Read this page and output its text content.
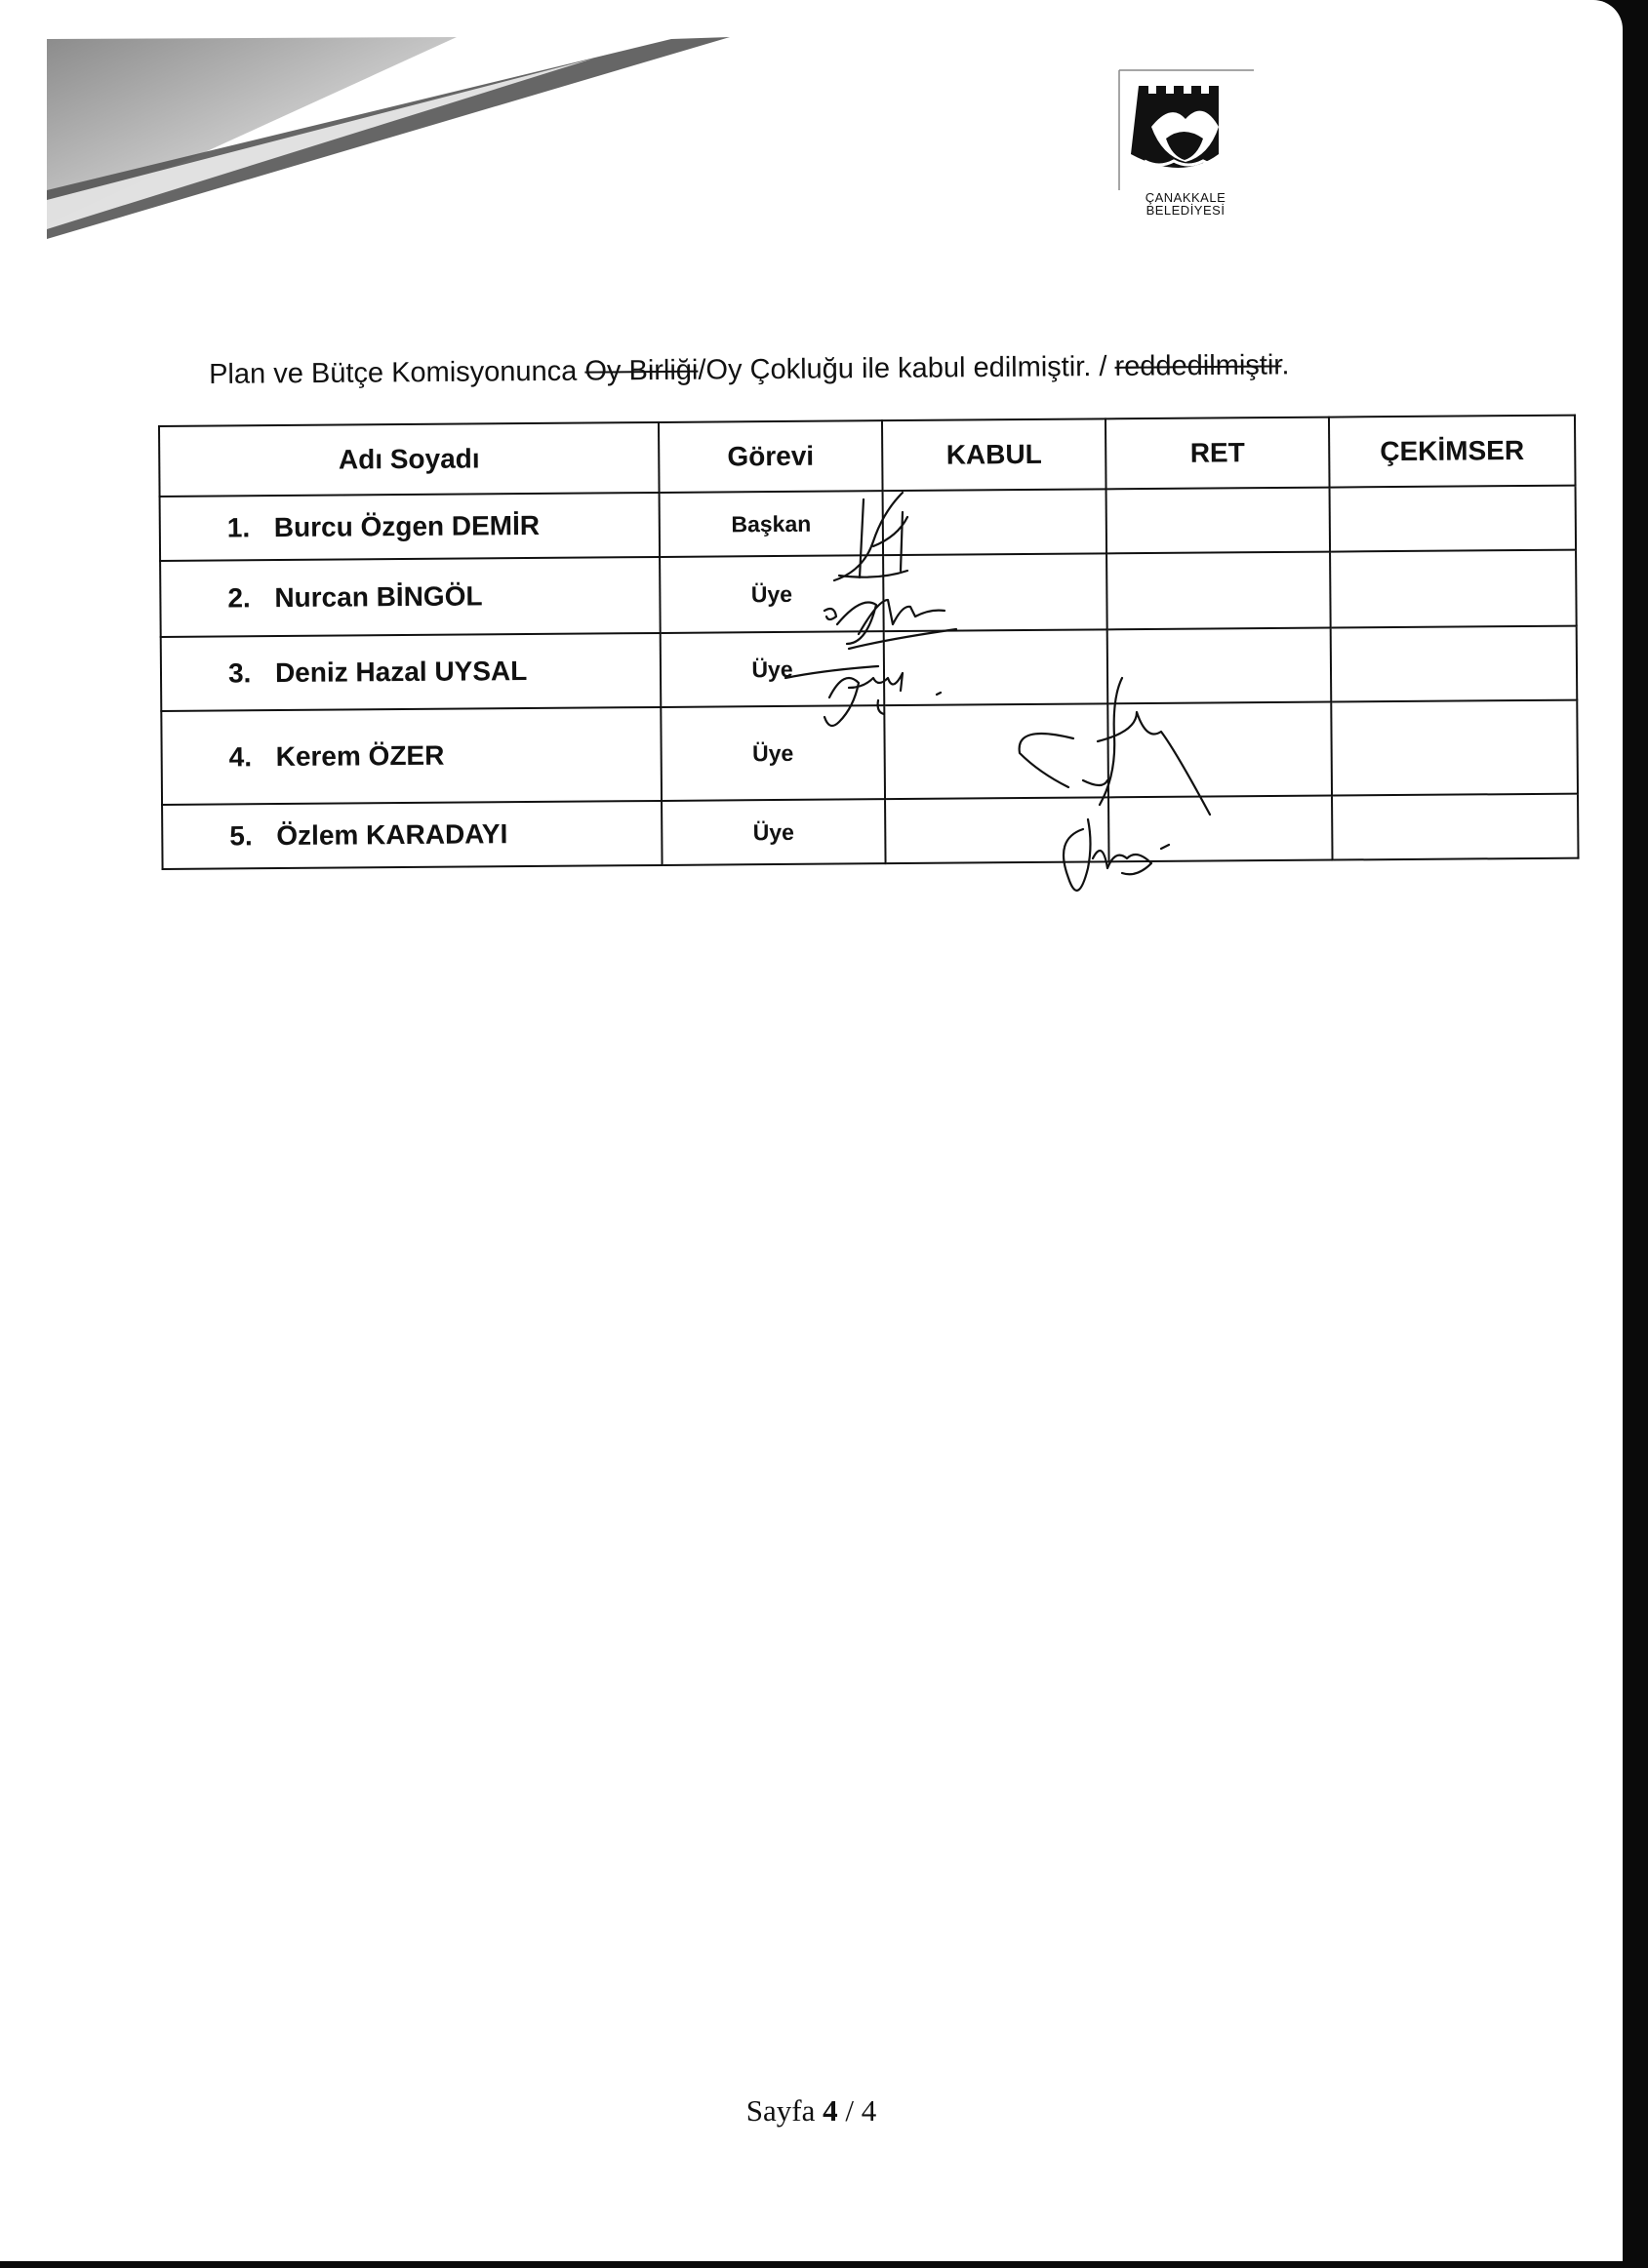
ÇANAKKALE
BELEDİYESİ
Plan ve Bütçe Komisyonunca Oy Birliği/Oy Çokluğu ile kabul edilmiştir. / reddedilmiştir.
Adı Soyadı	Görevi	KABUL	RET	ÇEKİMSER
1. Burcu Özgen DEMİR	Başkan			
2. Nurcan BİNGÖL	Üye			
3. Deniz Hazal UYSAL	Üye			
4. Kerem ÖZER	Üye			
5. Özlem KARADAYI	Üye			
Sayfa 4 / 4
